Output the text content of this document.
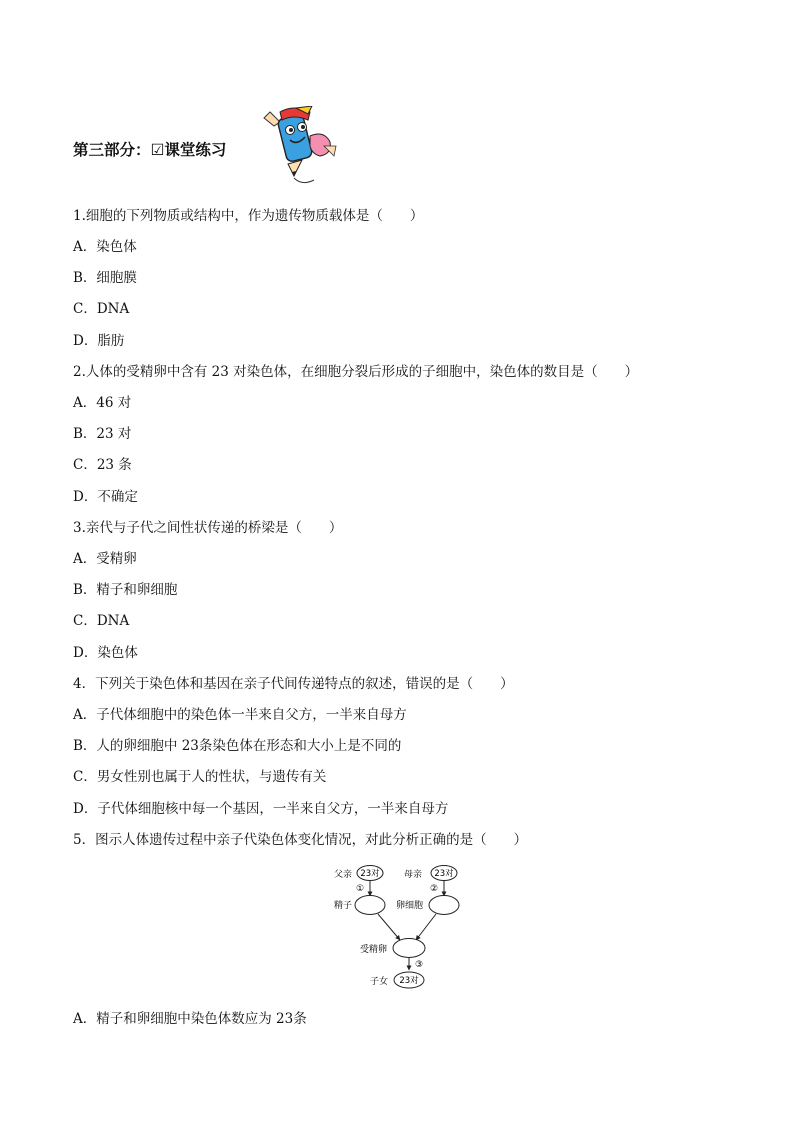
第三部分：☑课堂练习
1.细胞的下列物质或结构中，作为遗传物质载体是（　　）
A．染色体
B．细胞膜
C．DNA
D．脂肪
2.人体的受精卵中含有 23 对染色体，在细胞分裂后形成的子细胞中，染色体的数目是（　　）
A．46 对
B．23 对
C．23 条
D．不确定
3.亲代与子代之间性状传递的桥梁是（　　）
A．受精卵
B．精子和卵细胞
C．DNA
D．染色体
4．下列关于染色体和基因在亲子代间传递特点的叙述，错误的是（　　）
A．子代体细胞中的染色体一半来自父方，一半来自母方
B．人的卵细胞中 23条染色体在形态和大小上是不同的
C．男女性别也属于人的性状，与遗传有关
D．子代体细胞核中每一个基因，一半来自父方，一半来自母方
5．图示人体遗传过程中亲子代染色体变化情况，对此分析正确的是（　　）
A．精子和卵细胞中染色体数应为 23条
父亲 23对	母亲 23对
①	②
精子	卵细胞
受精卵
③
子女 23对
